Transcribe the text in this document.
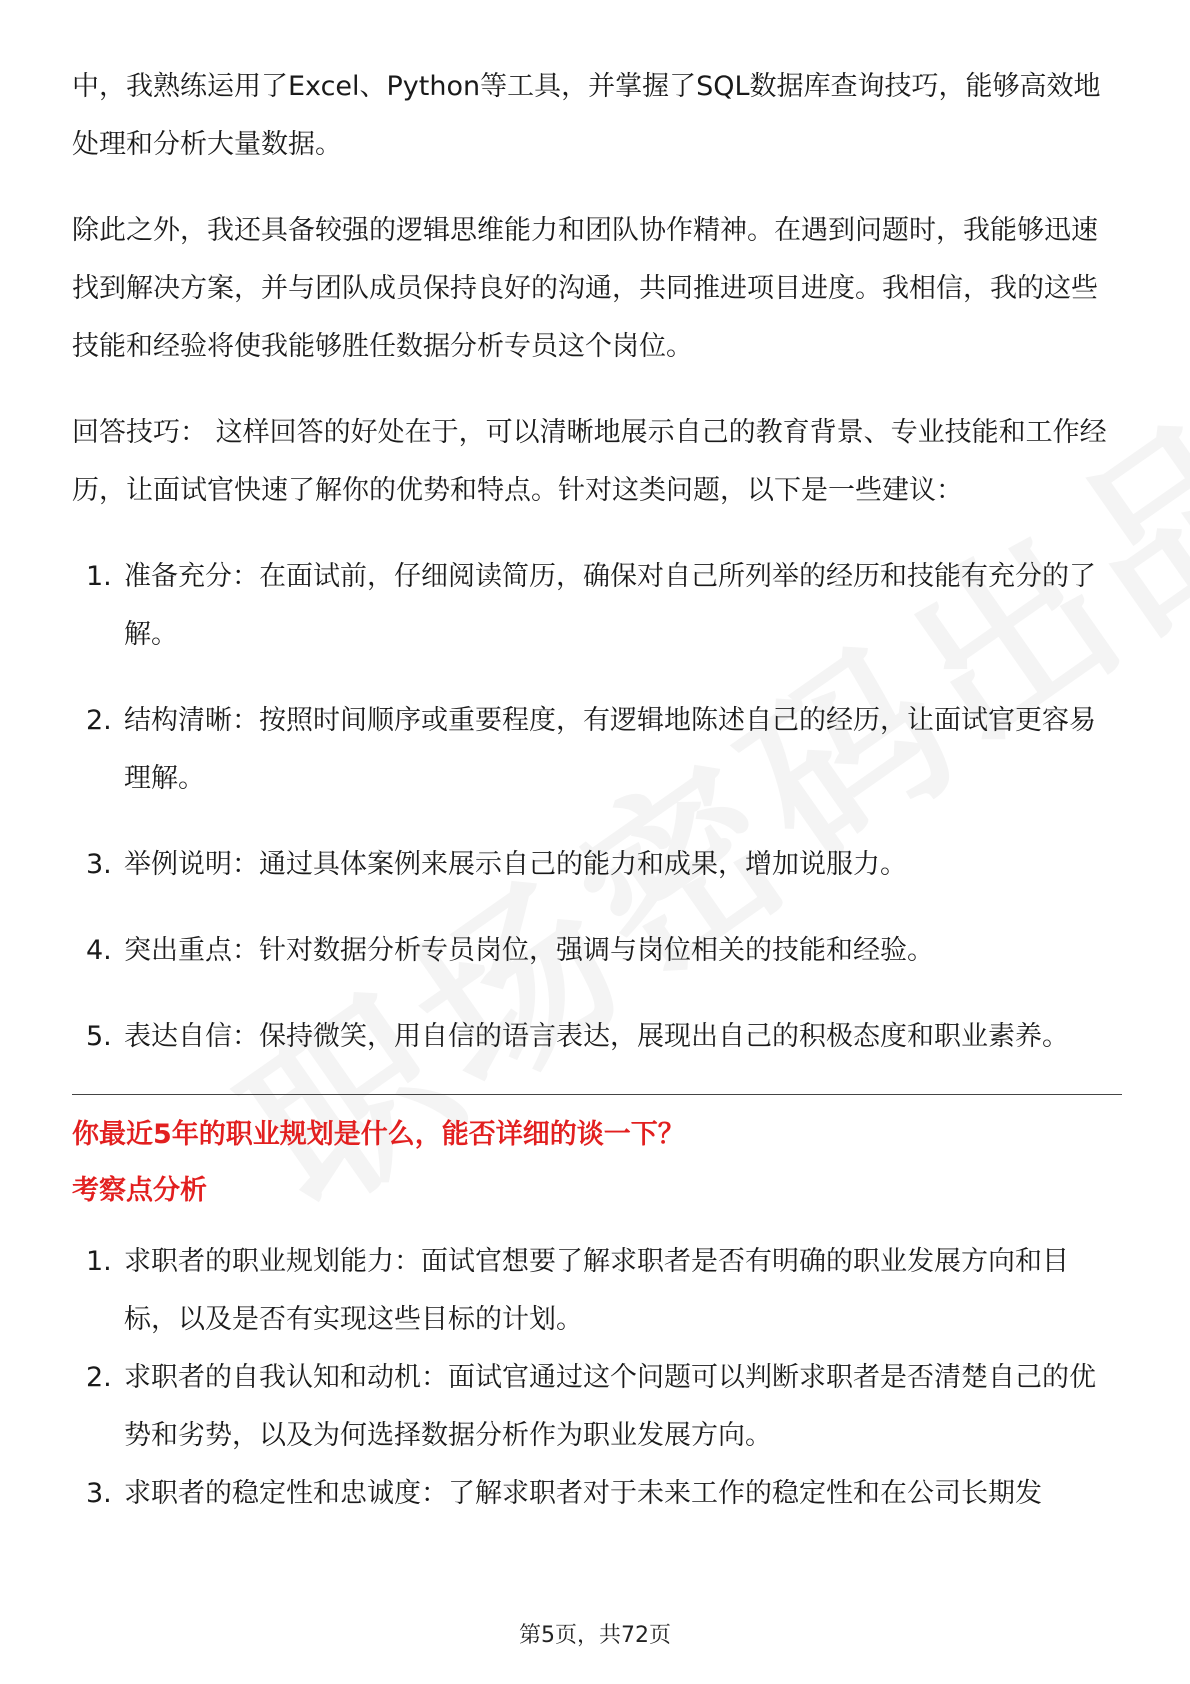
中，我熟练运用了Excel、Python等工具，并掌握了SQL数据库查询技巧，能够高效地处理和分析大量数据。

除此之外，我还具备较强的逻辑思维能力和团队协作精神。在遇到问题时，我能够迅速找到解决方案，并与团队成员保持良好的沟通，共同推进项目进度。我相信，我的这些技能和经验将使我能够胜任数据分析专员这个岗位。

回答技巧： 这样回答的好处在于，可以清晰地展示自己的教育背景、专业技能和工作经历，让面试官快速了解你的优势和特点。针对这类问题，以下是一些建议：

1. 准备充分：在面试前，仔细阅读简历，确保对自己所列举的经历和技能有充分的了解。
2. 结构清晰：按照时间顺序或重要程度，有逻辑地陈述自己的经历，让面试官更容易理解。
3. 举例说明：通过具体案例来展示自己的能力和成果，增加说服力。
4. 突出重点：针对数据分析专员岗位，强调与岗位相关的技能和经验。
5. 表达自信：保持微笑，用自信的语言表达，展现出自己的积极态度和职业素养。

你最近5年的职业规划是什么，能否详细的谈一下？

考察点分析

1. 求职者的职业规划能力：面试官想要了解求职者是否有明确的职业发展方向和目标，以及是否有实现这些目标的计划。
2. 求职者的自我认知和动机：面试官通过这个问题可以判断求职者是否清楚自己的优势和劣势，以及为何选择数据分析作为职业发展方向。
3. 求职者的稳定性和忠诚度：了解求职者对于未来工作的稳定性和在公司长期发
第5页，共72页
